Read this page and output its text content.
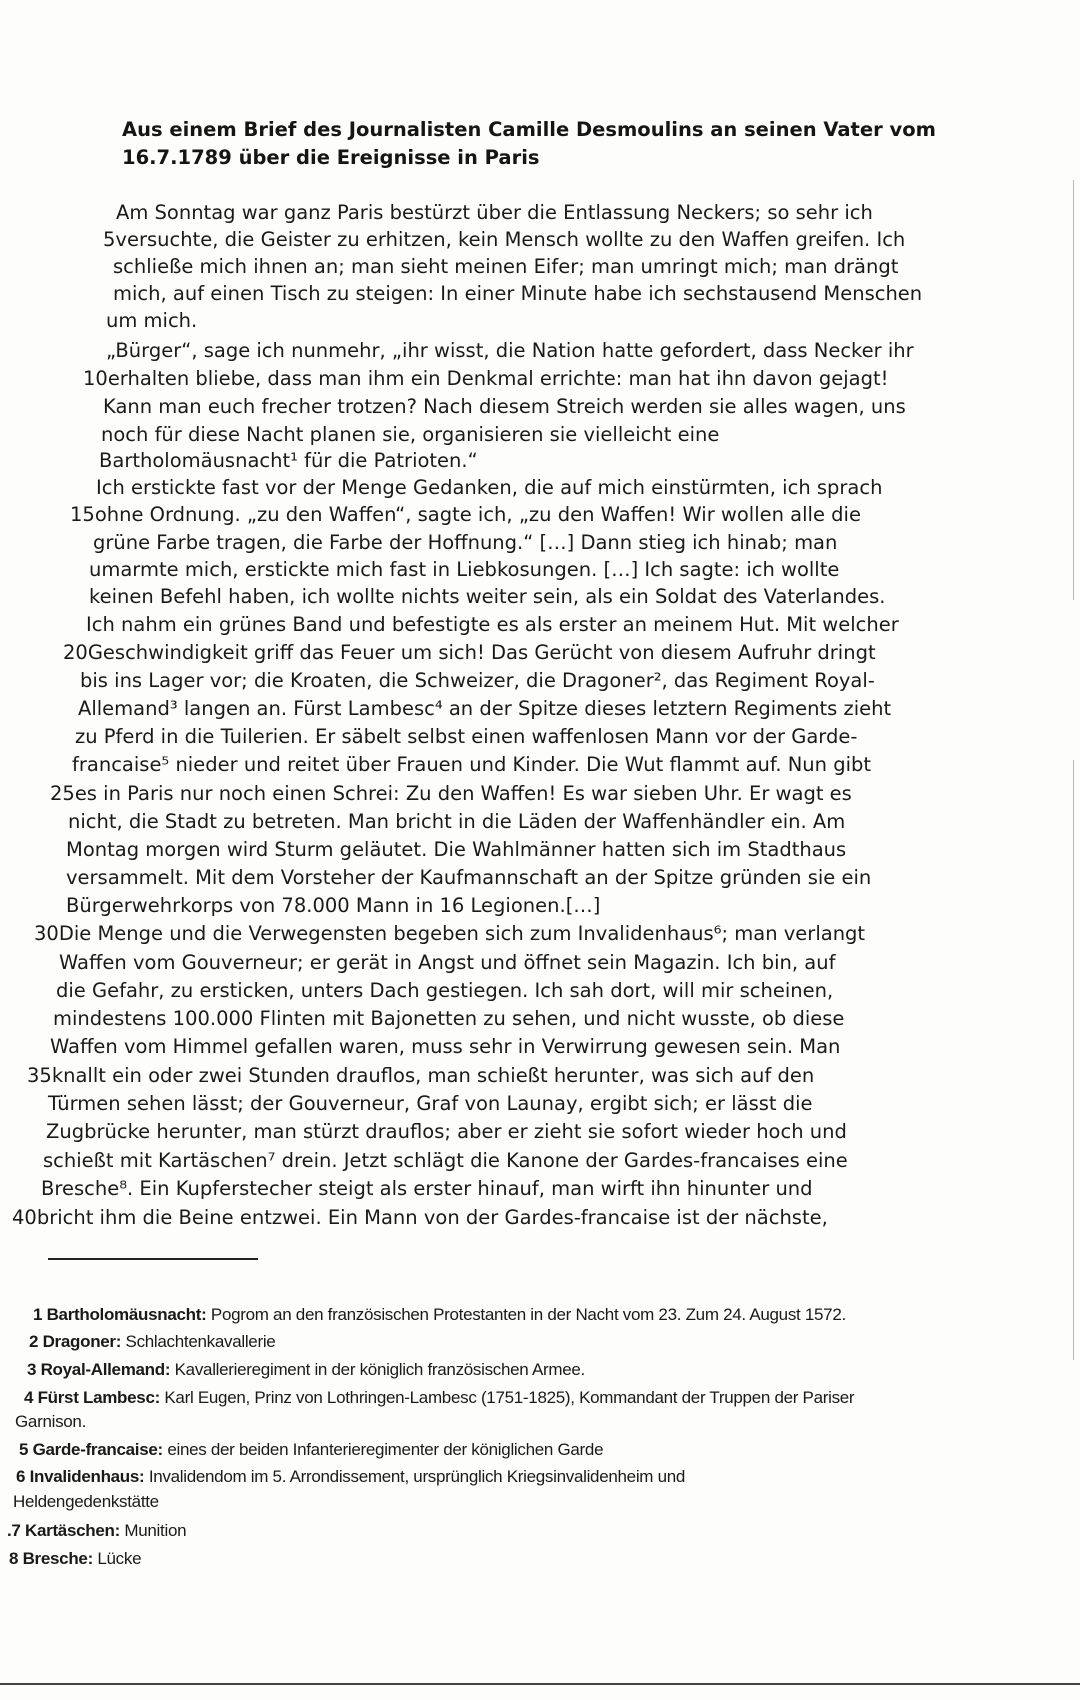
Aus einem Brief des Journalisten Camille Desmoulins an seinen Vater vom
16.7.1789 über die Ereignisse in Paris
Am Sonntag war ganz Paris bestürzt über die Entlassung Neckers; so sehr ich
5versuchte, die Geister zu erhitzen, kein Mensch wollte zu den Waffen greifen. Ich
schließe mich ihnen an; man sieht meinen Eifer; man umringt mich; man drängt
mich, auf einen Tisch zu steigen: In einer Minute habe ich sechstausend Menschen
um mich.
„Bürger“, sage ich nunmehr, „ihr wisst, die Nation hatte gefordert, dass Necker ihr
10erhalten bliebe, dass man ihm ein Denkmal errichte: man hat ihn davon gejagt!
Kann man euch frecher trotzen? Nach diesem Streich werden sie alles wagen, uns
noch für diese Nacht planen sie, organisieren sie vielleicht eine
Bartholomäusnacht¹ für die Patrioten.“
Ich erstickte fast vor der Menge Gedanken, die auf mich einstürmten, ich sprach
15ohne Ordnung. „zu den Waffen“, sagte ich, „zu den Waffen! Wir wollen alle die
grüne Farbe tragen, die Farbe der Hoffnung.“ […] Dann stieg ich hinab; man
umarmte mich, erstickte mich fast in Liebkosungen. […] Ich sagte: ich wollte
keinen Befehl haben, ich wollte nichts weiter sein, als ein Soldat des Vaterlandes.
Ich nahm ein grünes Band und befestigte es als erster an meinem Hut. Mit welcher
20Geschwindigkeit griff das Feuer um sich! Das Gerücht von diesem Aufruhr dringt
bis ins Lager vor; die Kroaten, die Schweizer, die Dragoner², das Regiment Royal-
Allemand³ langen an. Fürst Lambesc⁴ an der Spitze dieses letztern Regiments zieht
zu Pferd in die Tuilerien. Er säbelt selbst einen waffenlosen Mann vor der Garde-
francaise⁵ nieder und reitet über Frauen und Kinder. Die Wut flammt auf. Nun gibt
25es in Paris nur noch einen Schrei: Zu den Waffen! Es war sieben Uhr. Er wagt es
nicht, die Stadt zu betreten. Man bricht in die Läden der Waffenhändler ein. Am
Montag morgen wird Sturm geläutet. Die Wahlmänner hatten sich im Stadthaus
versammelt. Mit dem Vorsteher der Kaufmannschaft an der Spitze gründen sie ein
Bürgerwehrkorps von 78.000 Mann in 16 Legionen.[…]
30Die Menge und die Verwegensten begeben sich zum Invalidenhaus⁶; man verlangt
Waffen vom Gouverneur; er gerät in Angst und öffnet sein Magazin. Ich bin, auf
die Gefahr, zu ersticken, unters Dach gestiegen. Ich sah dort, will mir scheinen,
mindestens 100.000 Flinten mit Bajonetten zu sehen, und nicht wusste, ob diese
Waffen vom Himmel gefallen waren, muss sehr in Verwirrung gewesen sein. Man
35knallt ein oder zwei Stunden drauflos, man schießt herunter, was sich auf den
Türmen sehen lässt; der Gouverneur, Graf von Launay, ergibt sich; er lässt die
Zugbrücke herunter, man stürzt drauflos; aber er zieht sie sofort wieder hoch und
schießt mit Kartäschen⁷ drein. Jetzt schlägt die Kanone der Gardes-francaises eine
Bresche⁸. Ein Kupferstecher steigt als erster hinauf, man wirft ihn hinunter und
40bricht ihm die Beine entzwei. Ein Mann von der Gardes-francaise ist der nächste,
1 Bartholomäusnacht: Pogrom an den französischen Protestanten in der Nacht vom 23. Zum 24. August 1572.
2 Dragoner: Schlachtenkavallerie
3 Royal-Allemand: Kavallerieregiment in der königlich französischen Armee.
4 Fürst Lambesc: Karl Eugen, Prinz von Lothringen-Lambesc (1751-1825), Kommandant der Truppen der Pariser
Garnison.
5 Garde-francaise: eines der beiden Infanterieregimenter der königlichen Garde
6 Invalidenhaus: Invalidendom im 5. Arrondissement, ursprünglich Kriegsinvalidenheim und
Heldengedenkstätte
.7 Kartäschen: Munition
8 Bresche: Lücke
